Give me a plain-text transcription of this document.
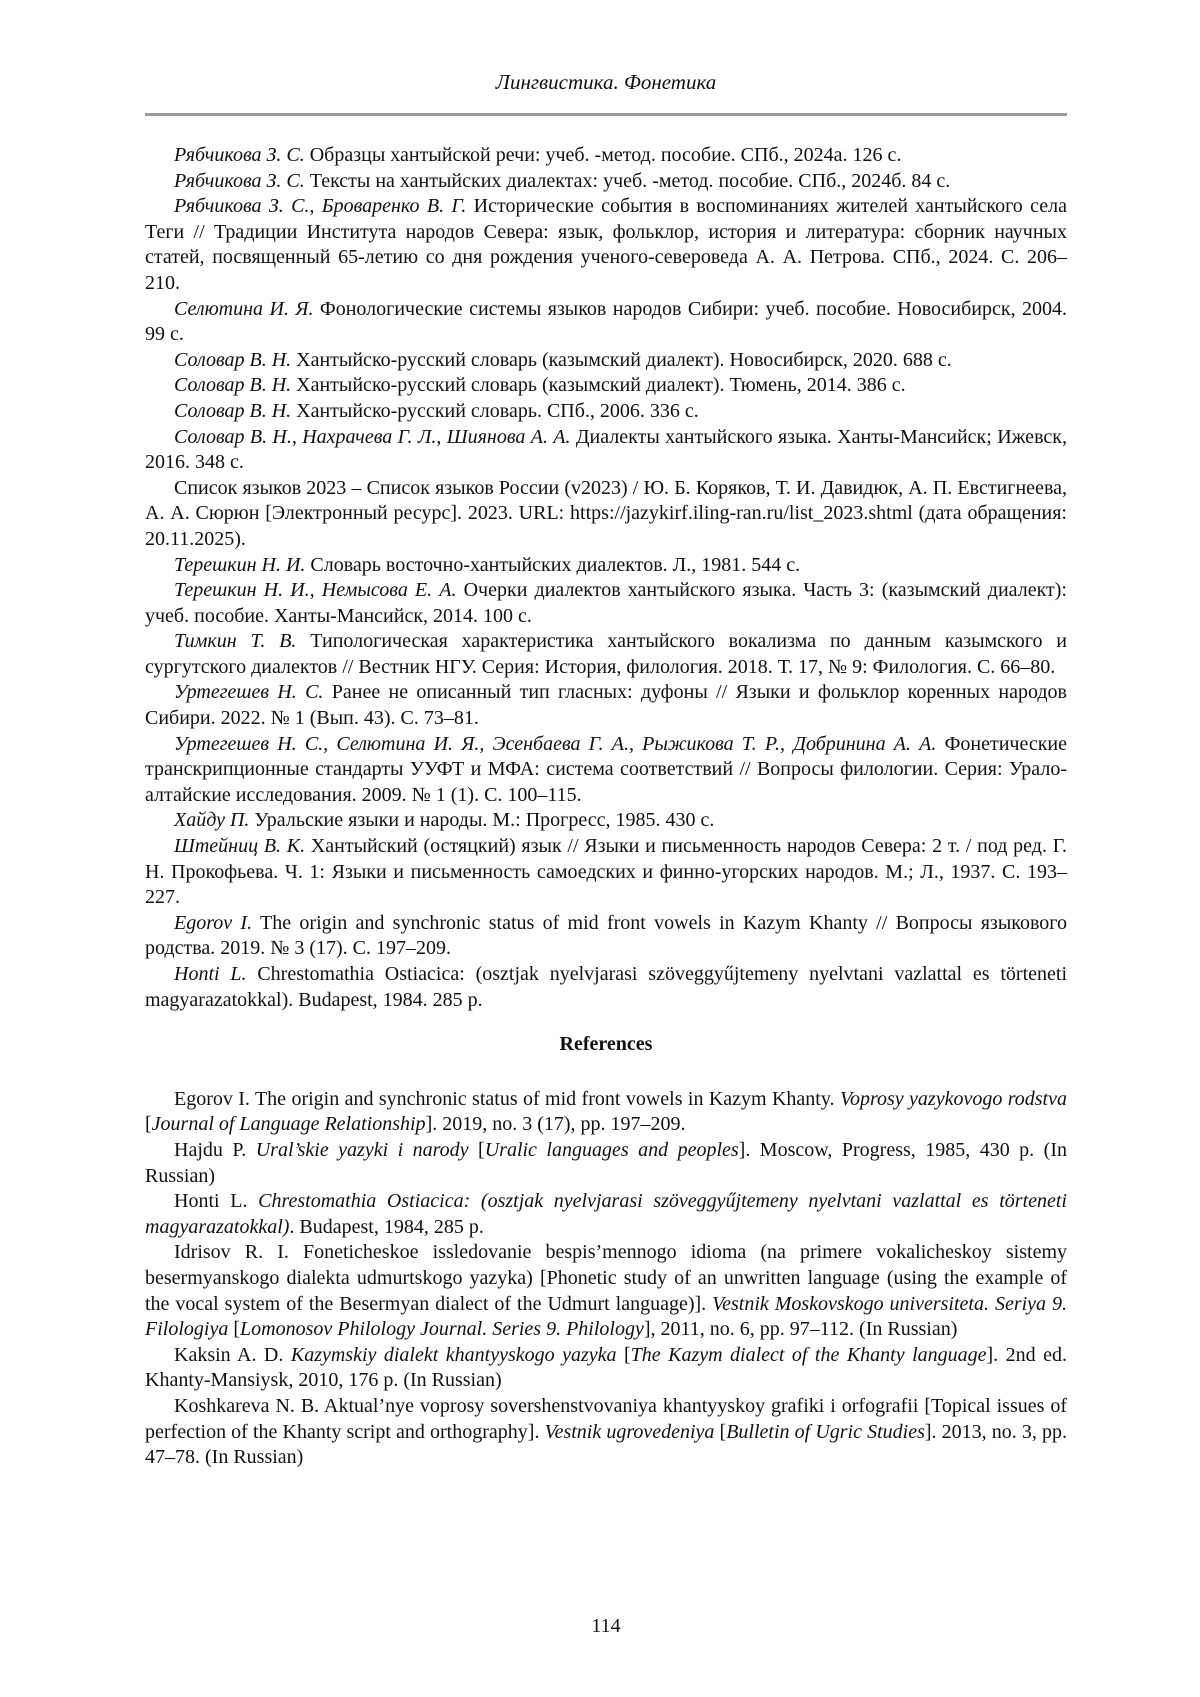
Лингвистика. Фонетика

Рябчикова З. С. Образцы хантыйской речи: учеб. -метод. пособие. СПб., 2024а. 126 с.

Рябчикова З. С. Тексты на хантыйских диалектах: учеб. -метод. пособие. СПб., 2024б. 84 с.

Рябчикова З. С., Броваренко В. Г. Исторические события в воспоминаниях жителей хантыйского села Теги // Традиции Института народов Севера: язык, фольклор, история и литература: сборник научных статей, посвященный 65-летию со дня рождения ученого-североведа А. А. Петрова. СПб., 2024. С. 206–210.

Селютина И. Я. Фонологические системы языков народов Сибири: учеб. пособие. Новосибирск, 2004. 99 с.

Соловар В. Н. Хантыйско-русский словарь (казымский диалект). Новосибирск, 2020. 688 с.

Соловар В. Н. Хантыйско-русский словарь (казымский диалект). Тюмень, 2014. 386 с.

Соловар В. Н. Хантыйско-русский словарь. СПб., 2006. 336 с.

Соловар В. Н., Нахрачева Г. Л., Шиянова А. А. Диалекты хантыйского языка. Ханты-Мансийск; Ижевск, 2016. 348 с.

Список языков 2023 – Список языков России (v2023) / Ю. Б. Коряков, Т. И. Давидюк, А. П. Евстигнеева, А. А. Сюрюн [Электронный ресурс]. 2023. URL: https://jazykirf.iling-ran.ru/list_2023.shtml (дата обращения: 20.11.2025).

Терешкин Н. И. Словарь восточно-хантыйских диалектов. Л., 1981. 544 с.

Терешкин Н. И., Немысова Е. А. Очерки диалектов хантыйского языка. Часть 3: (казымский диалект): учеб. пособие. Ханты-Мансийск, 2014. 100 с.

Тимкин Т. В. Типологическая характеристика хантыйского вокализма по данным казымского и сургутского диалектов // Вестник НГУ. Серия: История, филология. 2018. Т. 17, № 9: Филология. С. 66–80.

Уртегешев Н. С. Ранее не описанный тип гласных: дуфоны // Языки и фольклор коренных народов Сибири. 2022. № 1 (Вып. 43). С. 73–81.

Уртегешев Н. С., Селютина И. Я., Эсенбаева Г. А., Рыжикова Т. Р., Добринина А. А. Фонетические транскрипционные стандарты УУФТ и МФА: система соответствий // Вопросы филологии. Серия: Урало-алтайские исследования. 2009. № 1 (1). С. 100–115.

Хайду П. Уральские языки и народы. М.: Прогресс, 1985. 430 с.

Штейниц В. К. Хантыйский (остяцкий) язык // Языки и письменность народов Севера: 2 т. / под ред. Г. Н. Прокофьева. Ч. 1: Языки и письменность самоедских и финно-угорских народов. М.; Л., 1937. С. 193–227.

Egorov I. The origin and synchronic status of mid front vowels in Kazym Khanty // Вопросы языкового родства. 2019. № 3 (17). С. 197–209.

Honti L. Chrestomathia Ostiacica: (osztjak nyelvjarasi szöveggyűjtemeny nyelvtani vazlattal es törteneti magyarazatokkal). Budapest, 1984. 285 p.

References

Egorov I. The origin and synchronic status of mid front vowels in Kazym Khanty. Voprosy yazykovogo rodstva [Journal of Language Relationship]. 2019, no. 3 (17), pp. 197–209.

Hajdu P. Ural’skie yazyki i narody [Uralic languages and peoples]. Moscow, Progress, 1985, 430 p. (In Russian)

Honti L. Chrestomathia Ostiacica: (osztjak nyelvjarasi szöveggyűjtemeny nyelvtani vazlattal es törteneti magyarazatokkal). Budapest, 1984, 285 p.

Idrisov R. I. Foneticheskoe issledovanie bespis’mennogo idioma (na primere vokalicheskoy sistemy besermyanskogo dialekta udmurtskogo yazyka) [Phonetic study of an unwritten language (using the example of the vocal system of the Besermyan dialect of the Udmurt language)]. Vestnik Moskovskogo universiteta. Seriya 9. Filologiya [Lomonosov Philology Journal. Series 9. Philology], 2011, no. 6, pp. 97–112. (In Russian)

Kaksin A. D. Kazymskiy dialekt khantyyskogo yazyka [The Kazym dialect of the Khanty language]. 2nd ed. Khanty-Mansiysk, 2010, 176 p. (In Russian)

Koshkareva N. B. Aktual’nye voprosy sovershenstvovaniya khantyyskoy grafiki i orfografii [Topical issues of perfection of the Khanty script and orthography]. Vestnik ugrovedeniya [Bulletin of Ugric Studies]. 2013, no. 3, pp. 47–78. (In Russian)

114
